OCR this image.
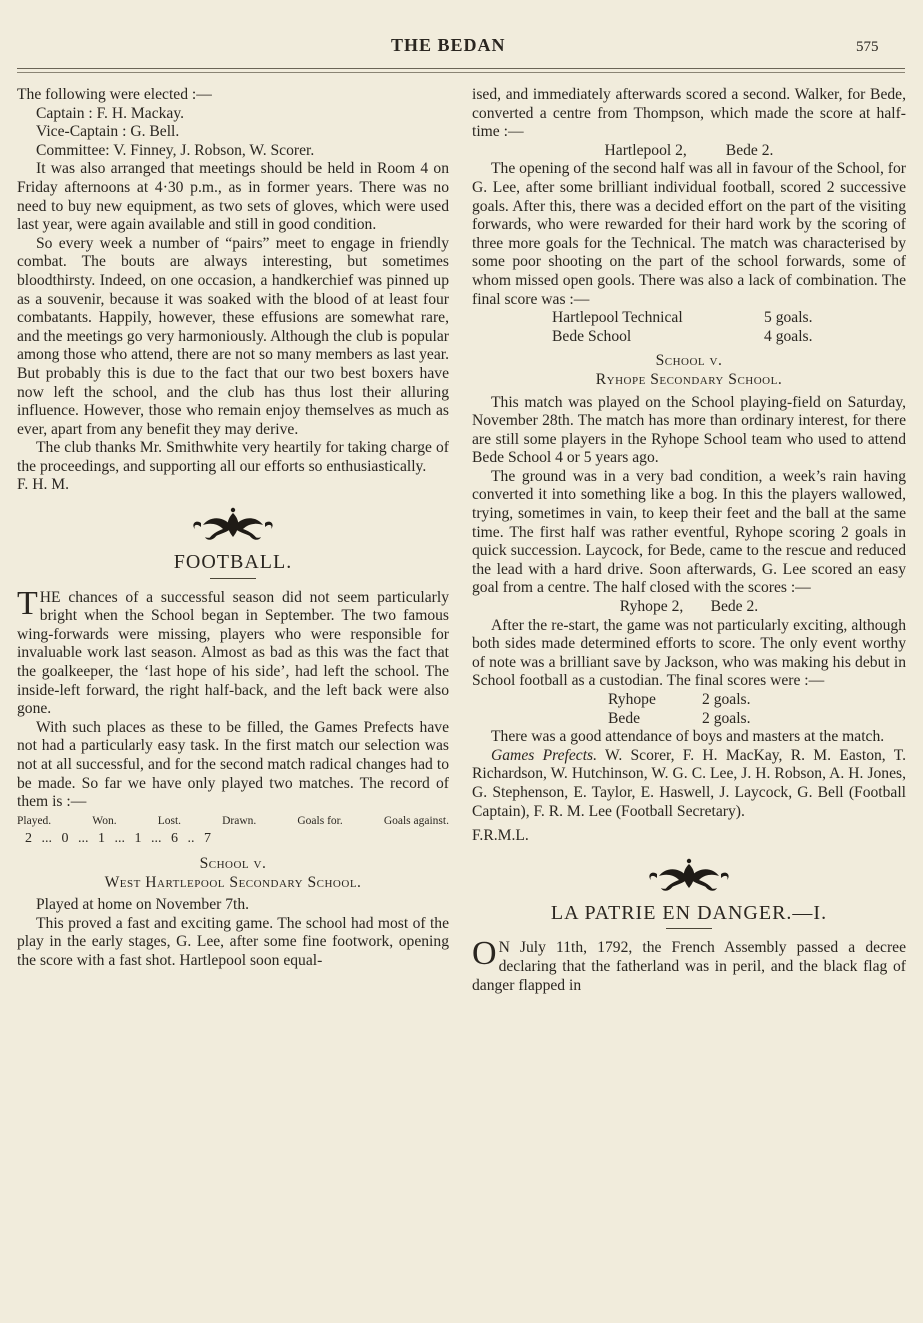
THE BEDAN	575

The following were elected :—

Captain : F. H. Mackay.

Vice-Captain : G. Bell.

Committee: V. Finney, J. Robson, W. Scorer.

It was also arranged that meetings should be held in Room 4 on Friday afternoons at 4·30 p.m., as in former years. There was no need to buy new equipment, as two sets of gloves, which were used last year, were again available and still in good condition.

So every week a number of “pairs” meet to engage in friendly combat. The bouts are always interesting, but sometimes bloodthirsty. Indeed, on one occasion, a handkerchief was pinned up as a souvenir, because it was soaked with the blood of at least four combatants. Happily, however, these effusions are somewhat rare, and the meetings go very harmoniously. Although the club is popular among those who attend, there are not so many members as last year. But probably this is due to the fact that our two best boxers have now left the school, and the club has thus lost their alluring influence. However, those who remain enjoy themselves as much as ever, apart from any benefit they may derive.

The club thanks Mr. Smithwhite very heartily for taking charge of the proceedings, and supporting all our efforts so enthusiastically.

F. H. M.

FOOTBALL.

THE chances of a successful season did not seem particularly bright when the School began in September. The two famous wing-forwards were missing, players who were responsible for invaluable work last season. Almost as bad as this was the fact that the goalkeeper, the ‘last hope of his side’, had left the school. The inside-left forward, the right half-back, and the left back were also gone.

With such places as these to be filled, the Games Prefects have not had a particularly easy task. In the first match our selection was not at all successful, and for the second match radical changes had to be made. So far we have only played two matches. The record of them is :—

Played.	Won.	Lost.	Drawn.	Goals for.	Goals against.
2 ... 0 ... 1 ... 1 ... 6 .. 7

School v.

West Hartlepool Secondary School.

Played at home on November 7th.

This proved a fast and exciting game. The school had most of the play in the early stages, G. Lee, after some fine footwork, opening the score with a fast shot. Hartlepool soon equal-

ised, and immediately afterwards scored a second. Walker, for Bede, converted a centre from Thompson, which made the score at half-time :—

Hartlepool 2,          Bede 2.

The opening of the second half was all in favour of the School, for G. Lee, after some brilliant individual football, scored 2 successive goals. After this, there was a decided effort on the part of the visiting forwards, who were rewarded for their hard work by the scoring of three more goals for the Technical. The match was characterised by some poor shooting on the part of the school forwards, some of whom missed open gools. There was also a lack of combination. The final score was :—

Hartlepool Technical	5 goals.
Bede School	4 goals.

School v.

Ryhope Secondary School.

This match was played on the School playing-field on Saturday, November 28th. The match has more than ordinary interest, for there are still some players in the Ryhope School team who used to attend Bede School 4 or 5 years ago.

The ground was in a very bad condition, a week’s rain having converted it into something like a bog. In this the players wallowed, trying, sometimes in vain, to keep their feet and the ball at the same time. The first half was rather eventful, Ryhope scoring 2 goals in quick succession. Laycock, for Bede, came to the rescue and reduced the lead with a hard drive. Soon afterwards, G. Lee scored an easy goal from a centre. The half closed with the scores :—

Ryhope 2,       Bede 2.

After the re-start, the game was not particularly exciting, although both sides made determined efforts to score. The only event worthy of note was a brilliant save by Jackson, who was making his debut in School football as a custodian. The final scores were :—

Ryhope	2 goals.
Bede	2 goals.

There was a good attendance of boys and masters at the match.

Games Prefects. W. Scorer, F. H. MacKay, R. M. Easton, T. Richardson, W. Hutchinson, W. G. C. Lee, J. H. Robson, A. H. Jones, G. Stephenson, E. Taylor, E. Haswell, J. Laycock, G. Bell (Football Captain), F. R. M. Lee (Football Secretary).

F.R.M.L.

LA PATRIE EN DANGER.—I.

O N July 11th, 1792, the French Assembly passed a decree declaring that the fatherland was in peril, and the black flag of danger flapped in
